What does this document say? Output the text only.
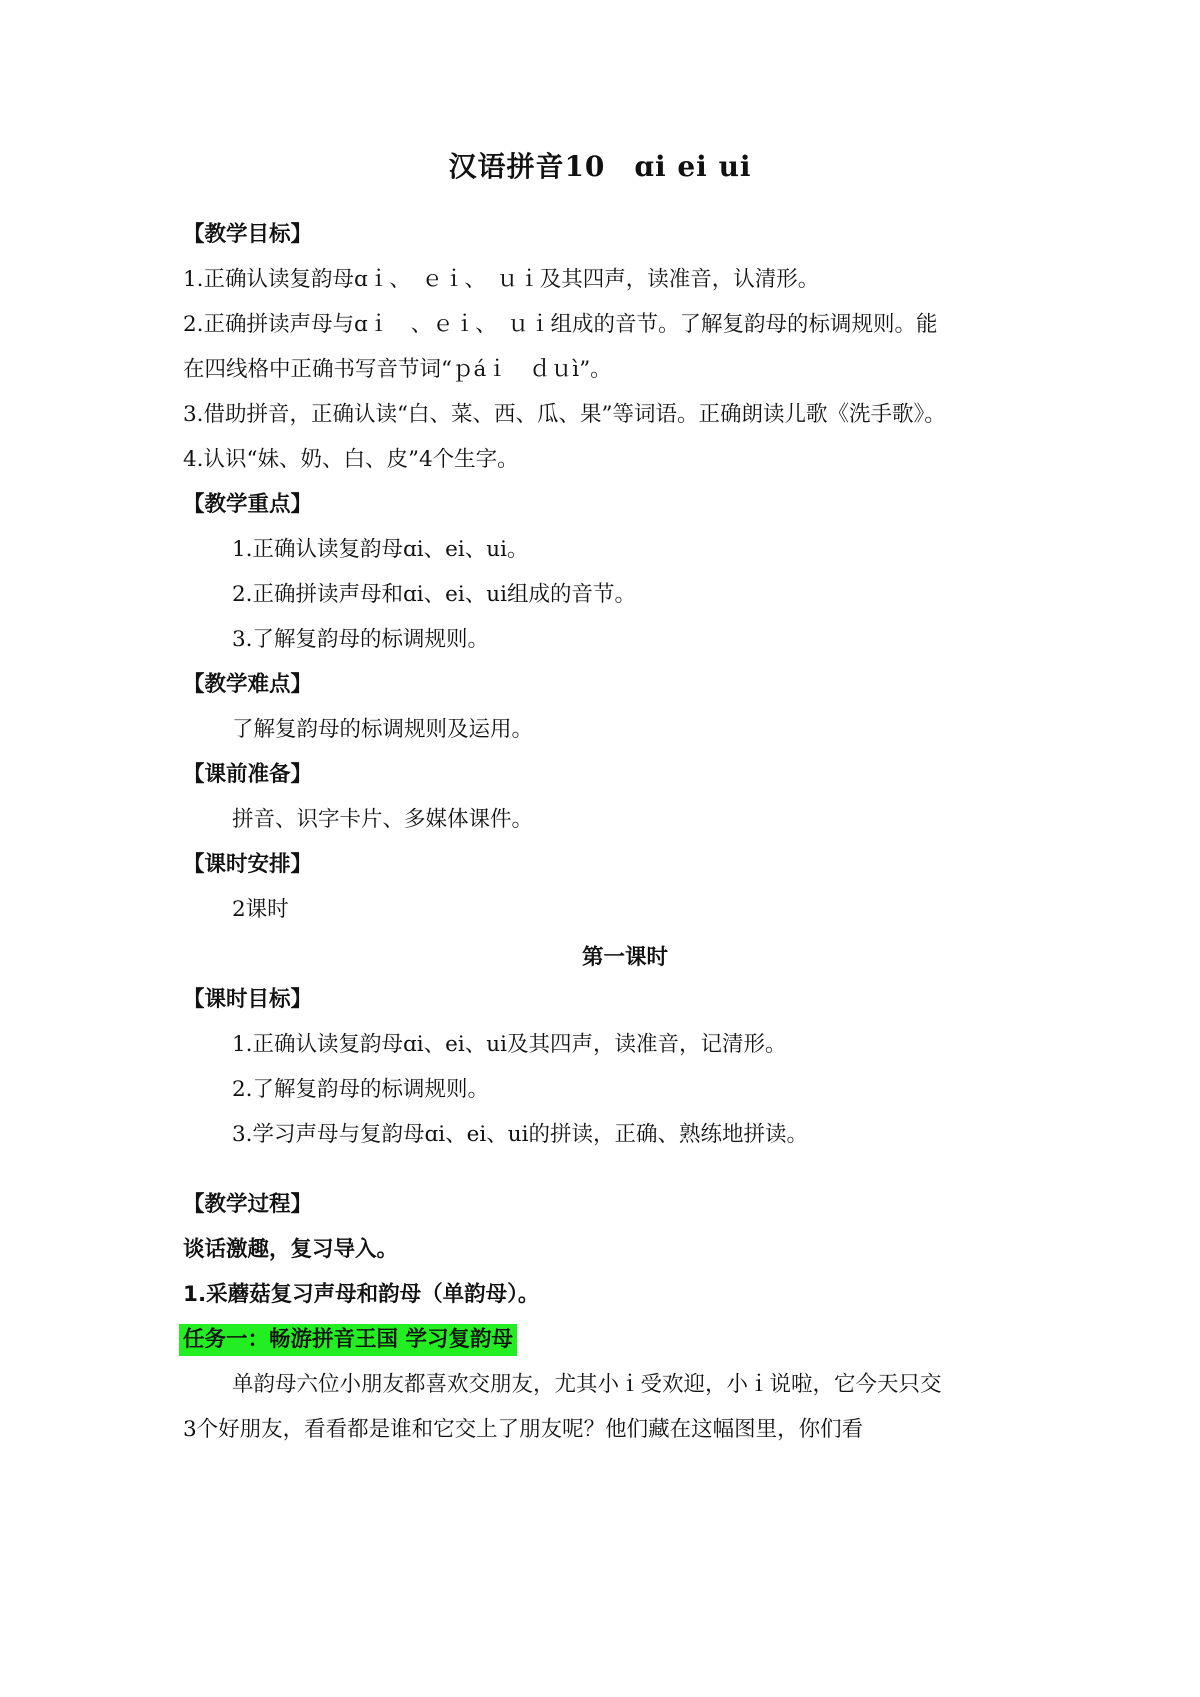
汉语拼音10　ɑi ei ui
【教学目标】
1.正确认读复韵母ɑｉ、　ｅｉ、　ｕｉ及其四声，读准音，认清形。
2.正确拼读声母与ɑｉ　、ｅｉ、　ｕｉ组成的音节。了解复韵母的标调规则。能
在四线格中正确书写音节词“ｐáｉ　ｄｕì”。
3.借助拼音，正确认读“白、菜、西、瓜、果”等词语。正确朗读儿歌《洗手歌》。
4.认识“妹、奶、白、皮”4个生字。
【教学重点】
1.正确认读复韵母ɑi、ei、ui。
2.正确拼读声母和ɑi、ei、ui组成的音节。
3.了解复韵母的标调规则。
【教学难点】
了解复韵母的标调规则及运用。
【课前准备】
拼音、识字卡片、多媒体课件。
【课时安排】
2课时
第一课时
【课时目标】
1.正确认读复韵母ɑi、ei、ui及其四声，读准音，记清形。
2.了解复韵母的标调规则。
3.学习声母与复韵母ɑi、ei、ui的拼读，正确、熟练地拼读。
【教学过程】
谈话激趣，复习导入。
1.采蘑菇复习声母和韵母（单韵母）。
任务一：畅游拼音王国 学习复韵母
单韵母六位小朋友都喜欢交朋友，尤其小ｉ受欢迎，小ｉ说啦，它今天只交
3个好朋友，看看都是谁和它交上了朋友呢？他们藏在这幅图里，你们看
